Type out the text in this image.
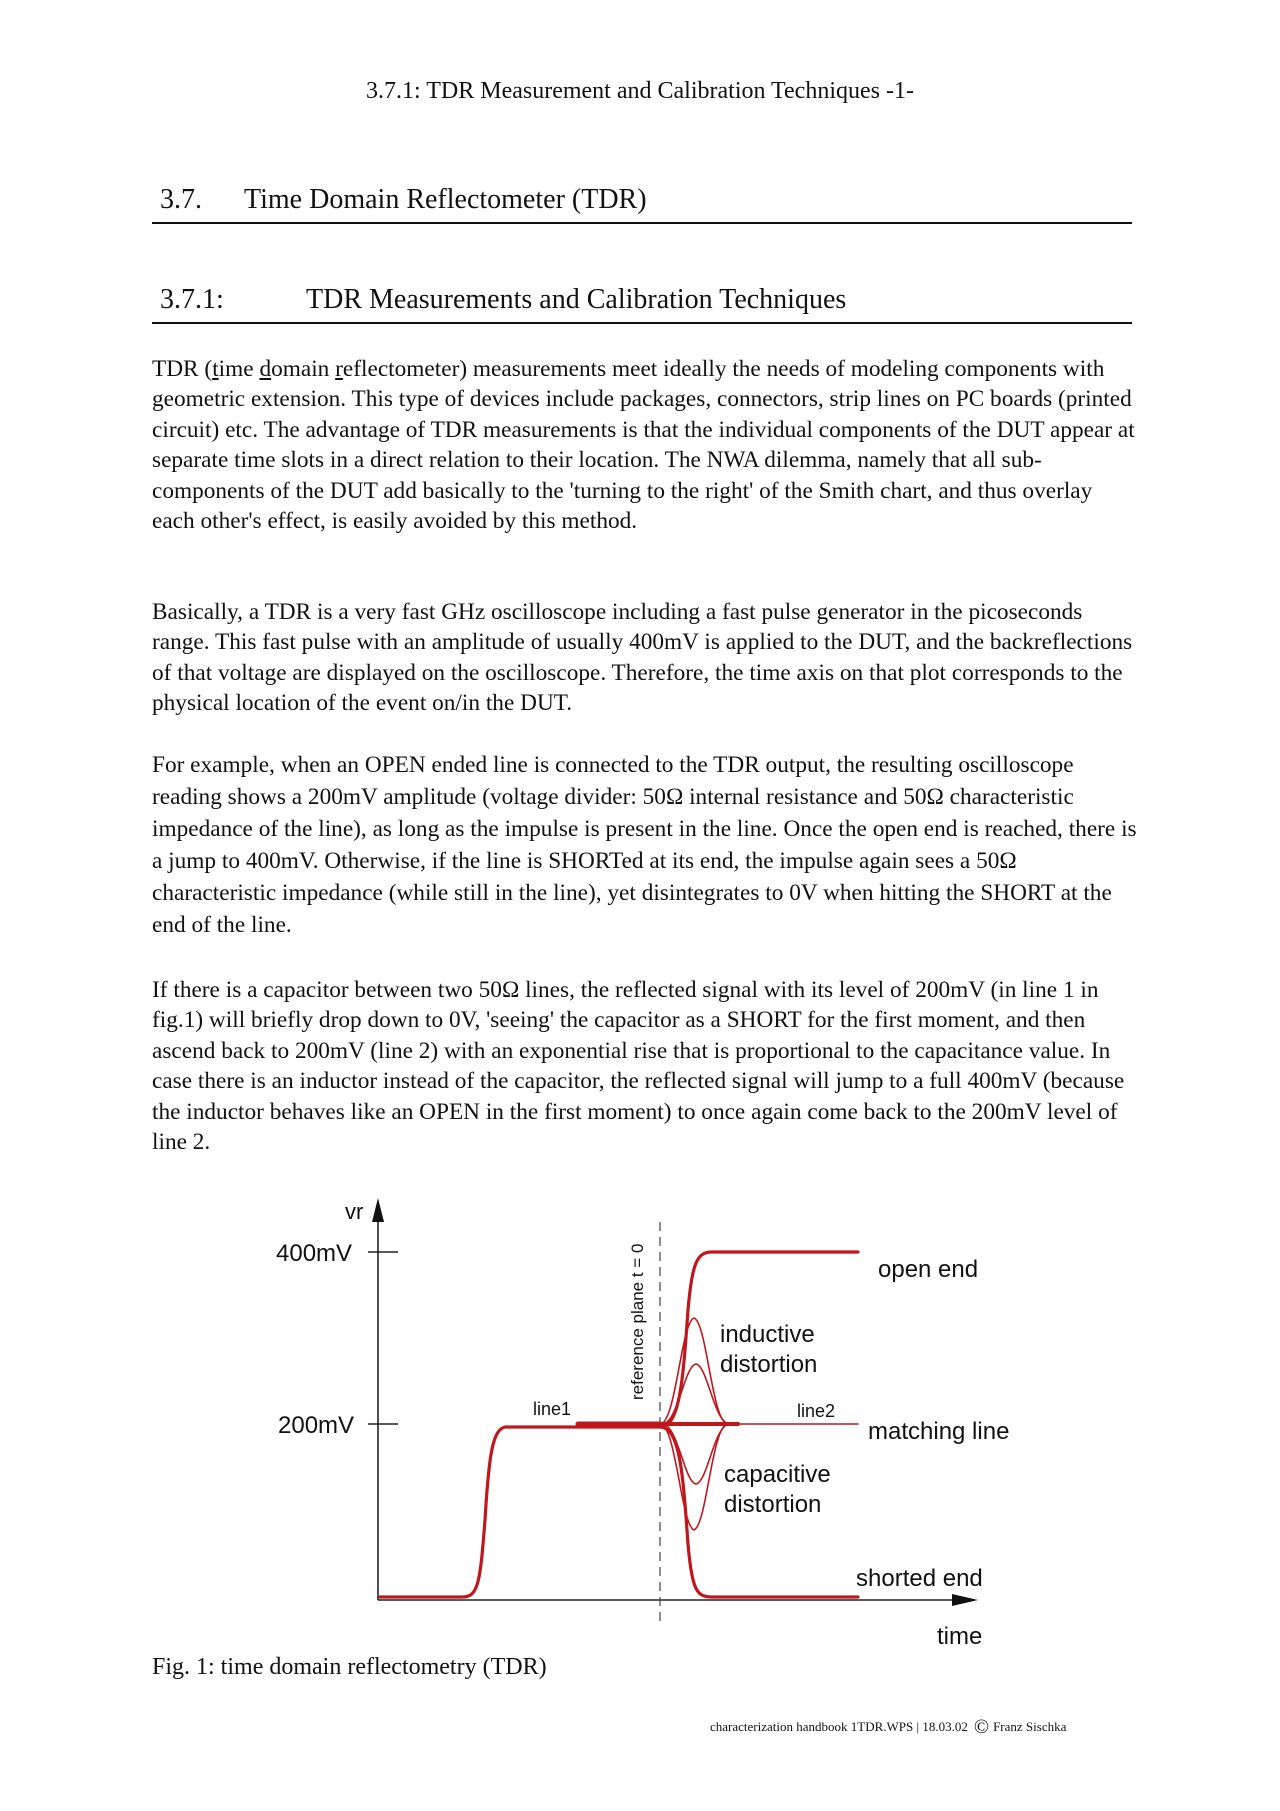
3.7.1: TDR Measurement and Calibration Techniques -1-
3.7. Time Domain Reflectometer (TDR)
3.7.1:	TDR Measurements and Calibration Techniques

TDR (time domain reflectometer) measurements meet ideally the needs of modeling components with geometric extension. This type of devices include packages, connectors, strip lines on PC boards (printed circuit) etc. The advantage of TDR measurements is that the individual components of the DUT appear at separate time slots in a direct relation to their location. The NWA dilemma, namely that all sub-components of the DUT add basically to the 'turning to the right' of the Smith chart, and thus overlay each other's effect, is easily avoided by this method.

Basically, a TDR is a very fast GHz oscilloscope including a fast pulse generator in the picoseconds range. This fast pulse with an amplitude of usually 400mV is applied to the DUT, and the backreflections of that voltage are displayed on the oscilloscope. Therefore, the time axis on that plot corresponds to the physical location of the event on/in the DUT.

For example, when an OPEN ended line is connected to the TDR output, the resulting oscilloscope reading shows a 200mV amplitude (voltage divider: 50Ω internal resistance and 50Ω characteristic impedance of the line), as long as the impulse is present in the line. Once the open end is reached, there is a jump to 400mV. Otherwise, if the line is SHORTed at its end, the impulse again sees a 50Ω characteristic impedance (while still in the line), yet disintegrates to 0V when hitting the SHORT at the end of the line.

If there is a capacitor between two 50Ω lines, the reflected signal with its level of 200mV (in line 1 in fig.1) will briefly drop down to 0V, 'seeing' the capacitor as a SHORT for the first moment, and then ascend back to 200mV (line 2) with an exponential rise that is proportional to the capacitance value. In case there is an inductor instead of the capacitor, the reflected signal will jump to a full 400mV (because the inductor behaves like an OPEN in the first moment) to once again come back to the 200mV level of line 2.

vr
400mV
200mV
reference plane t = 0
line1	line2
open end
inductive
distortion
matching line
capacitive
distortion
shorted end
time
Fig. 1: time domain reflectometry (TDR)
characterization handbook 1TDR.WPS | 18.03.02 © Franz Sischka
